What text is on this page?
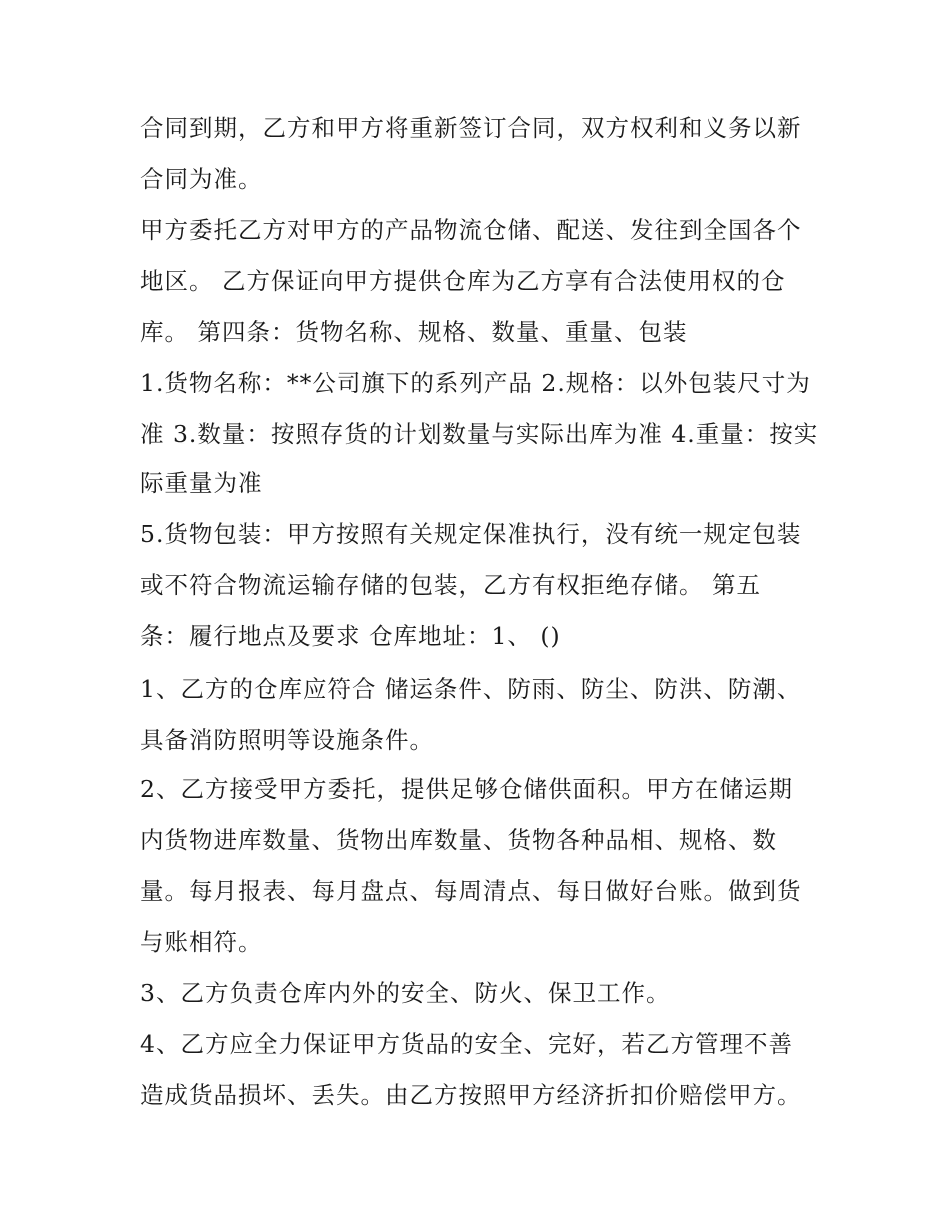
合同到期，乙方和甲方将重新签订合同，双方权利和义务以新
合同为准。
甲方委托乙方对甲方的产品物流仓储、配送、发往到全国各个
地区。 乙方保证向甲方提供仓库为乙方享有合法使用权的仓
库。 第四条：货物名称、规格、数量、重量、包装
1.货物名称：**公司旗下的系列产品 2.规格：以外包装尺寸为
准 3.数量：按照存货的计划数量与实际出库为准 4.重量：按实
际重量为准
5.货物包装：甲方按照有关规定保准执行，没有统一规定包装
或不符合物流运输存储的包装，乙方有权拒绝存储。 第五
条：履行地点及要求 仓库地址：1、 ()
1、乙方的仓库应符合 储运条件、防雨、防尘、防洪、防潮、
具备消防照明等设施条件。
2、乙方接受甲方委托，提供足够仓储供面积。甲方在储运期
内货物进库数量、货物出库数量、货物各种品相、规格、数
量。每月报表、每月盘点、每周清点、每日做好台账。做到货
与账相符。
3、乙方负责仓库内外的安全、防火、保卫工作。
4、乙方应全力保证甲方货品的安全、完好，若乙方管理不善
造成货品损坏、丢失。由乙方按照甲方经济折扣价赔偿甲方。
